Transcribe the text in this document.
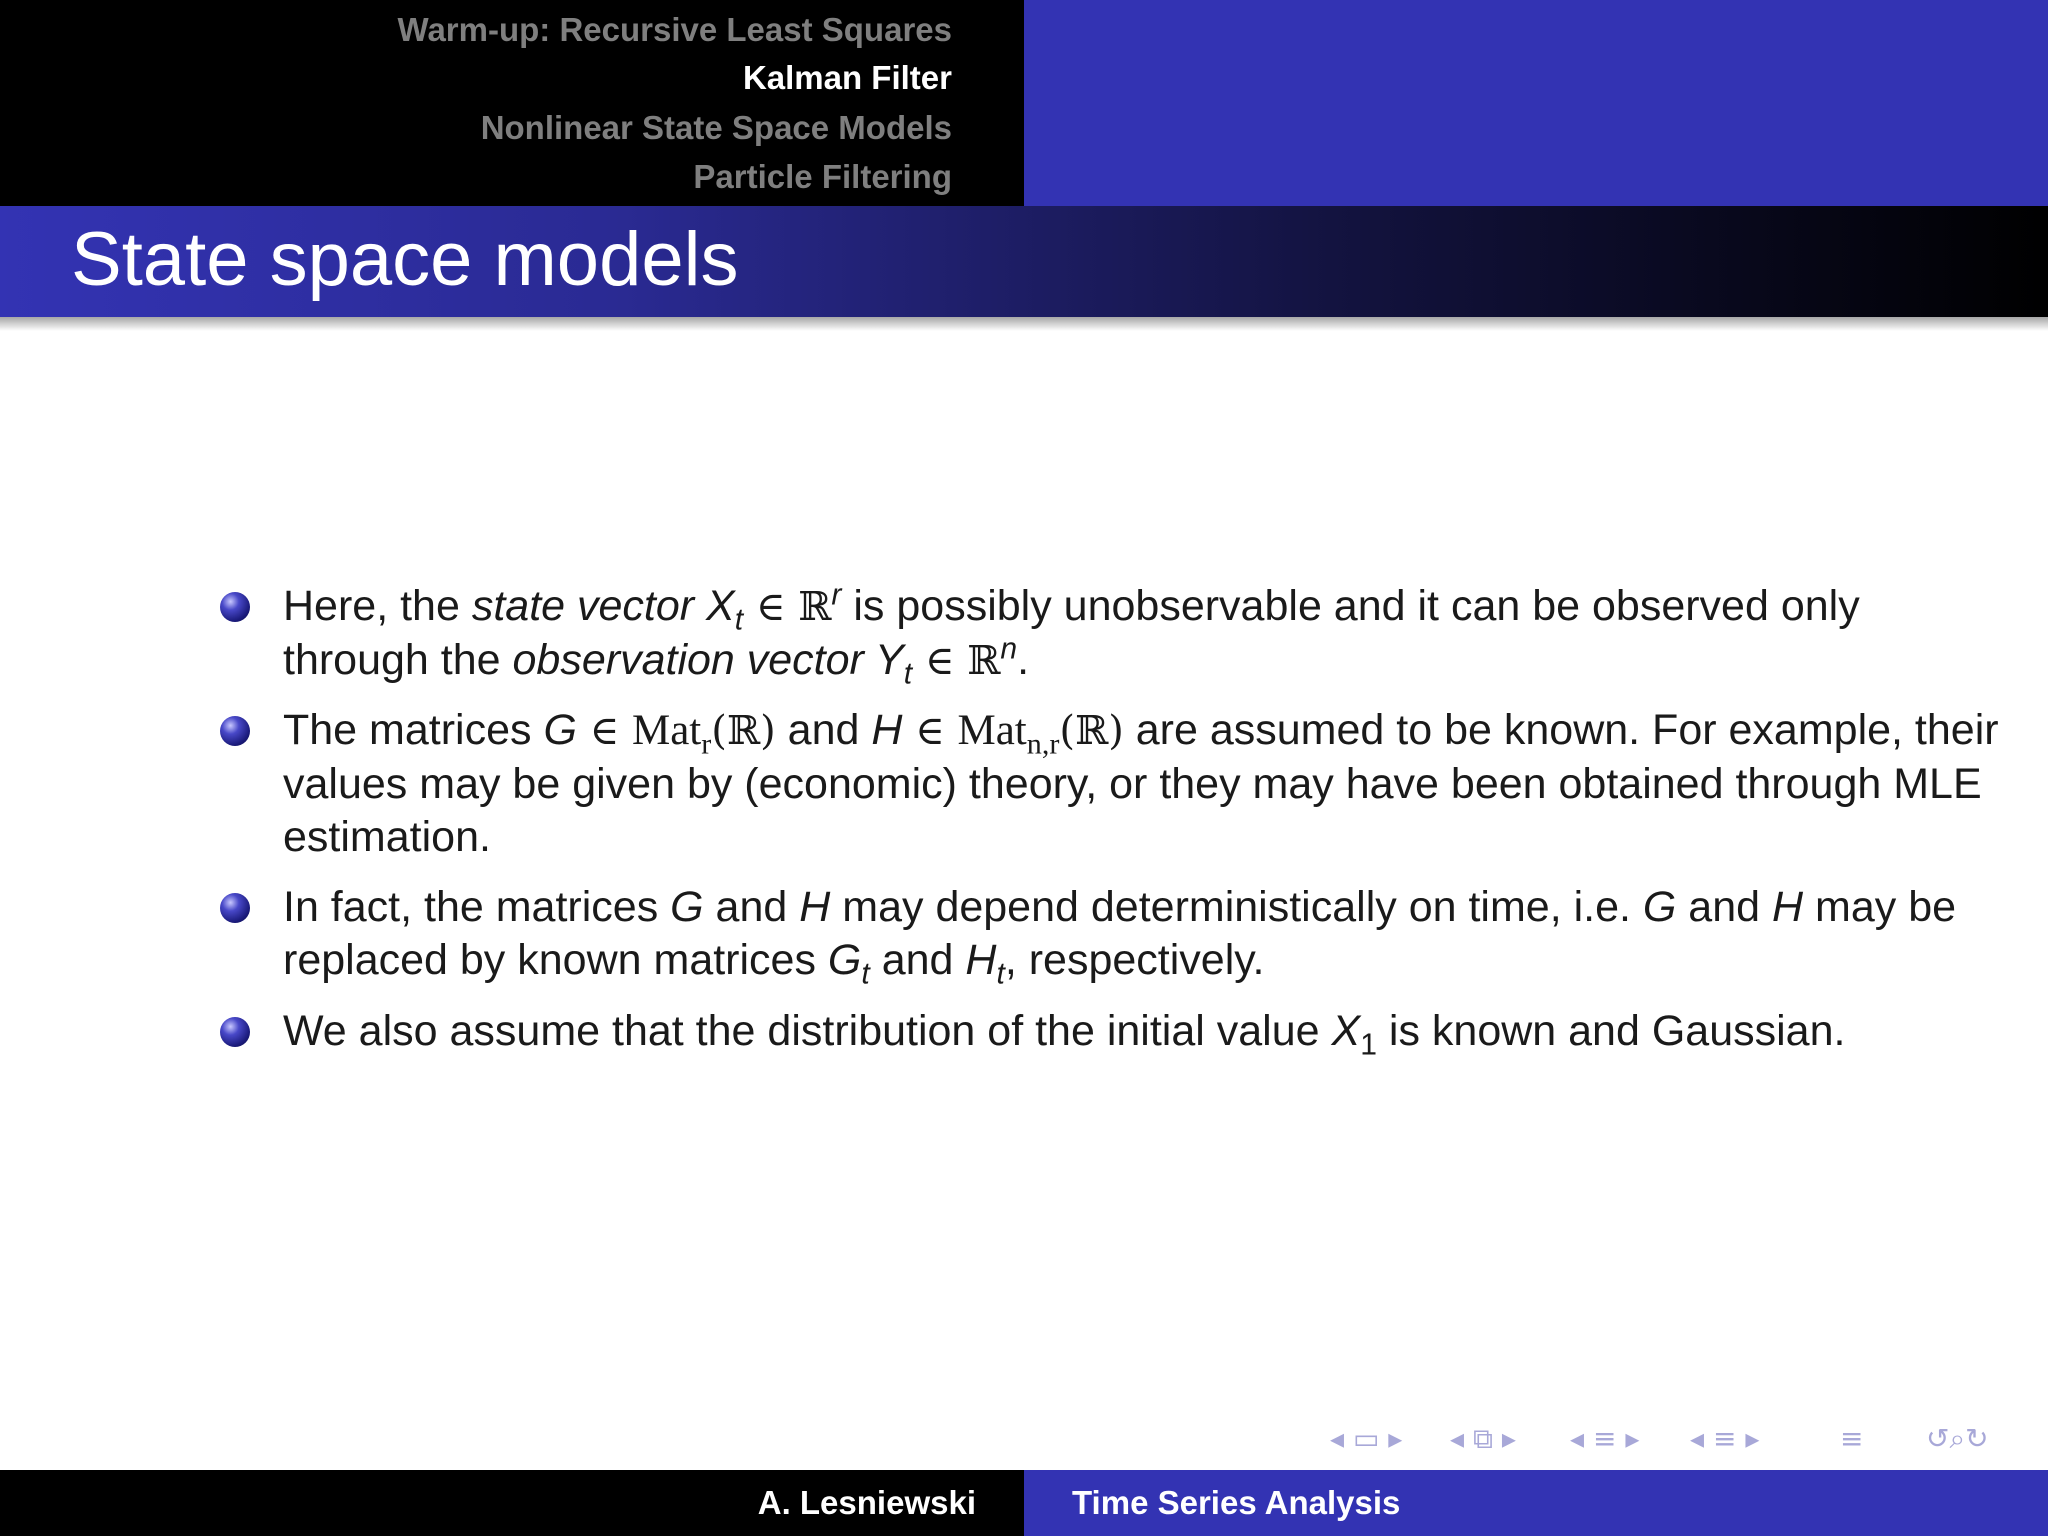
Warm-up: Recursive Least Squares
Kalman Filter
Nonlinear State Space Models
Particle Filtering
State space models
Here, the state vector $X_t$ ∈ ℝ$^r$ is possibly unobservable and it can be observed only through the observation vector $Y_t$ ∈ ℝ$^n$.
The matrices G ∈ Mat$_r$(ℝ) and H ∈ Mat$_{n,r}$(ℝ) are assumed to be known. For example, their values may be given by (economic) theory, or they may have been obtained through MLE estimation.
In fact, the matrices G and H may depend deterministically on time, i.e. G and H may be replaced by known matrices $G_t$ and $H_t$, respectively.
We also assume that the distribution of the initial value $X_1$ is known and Gaussian.
◂ ▭ ▸ ◂ ⧉ ▸ ◂ ≡ ▸ ◂ ≡ ▸	≡ ↺⌕↻
A. Lesniewski	Time Series Analysis
